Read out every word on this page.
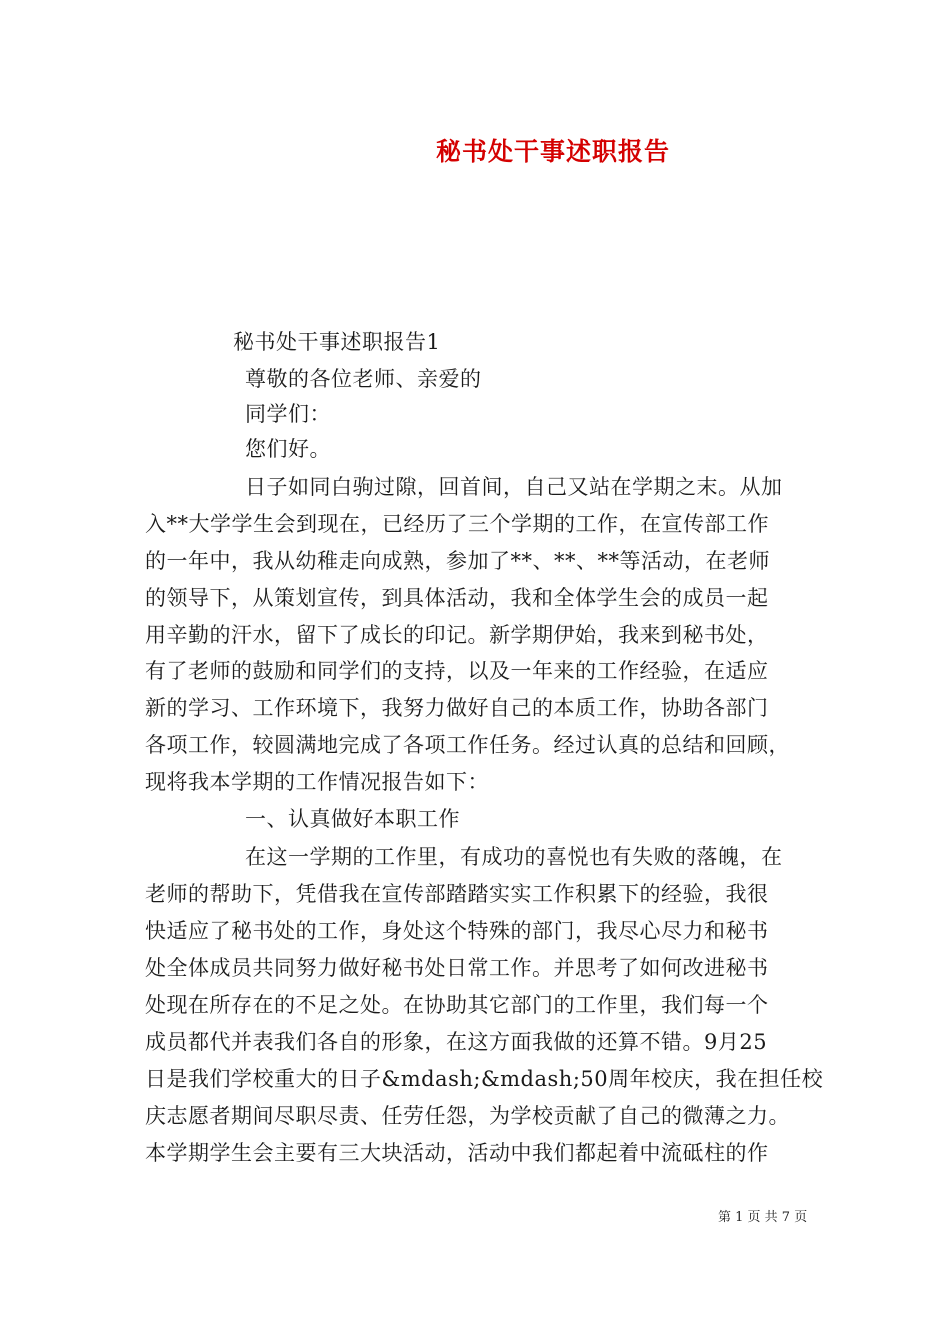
秘书处干事述职报告
秘书处干事述职报告1
尊敬的各位老师、亲爱的
同学们：
您们好。
日子如同白驹过隙，回首间，自己又站在学期之末。从加
入**大学学生会到现在，已经历了三个学期的工作，在宣传部工作
的一年中，我从幼稚走向成熟，参加了**、**、**等活动，在老师
的领导下，从策划宣传，到具体活动，我和全体学生会的成员一起
用辛勤的汗水，留下了成长的印记。新学期伊始，我来到秘书处，
有了老师的鼓励和同学们的支持，以及一年来的工作经验，在适应
新的学习、工作环境下，我努力做好自己的本质工作，协助各部门
各项工作，较圆满地完成了各项工作任务。经过认真的总结和回顾，
现将我本学期的工作情况报告如下：
一、认真做好本职工作
在这一学期的工作里，有成功的喜悦也有失败的落魄，在
老师的帮助下，凭借我在宣传部踏踏实实工作积累下的经验，我很
快适应了秘书处的工作，身处这个特殊的部门，我尽心尽力和秘书
处全体成员共同努力做好秘书处日常工作。并思考了如何改进秘书
处现在所存在的不足之处。在协助其它部门的工作里，我们每一个
成员都代并表我们各自的形象，在这方面我做的还算不错。9月25
日是我们学校重大的日子&mdash;&mdash;50周年校庆，我在担任校
庆志愿者期间尽职尽责、任劳任怨，为学校贡献了自己的微薄之力。
本学期学生会主要有三大块活动，活动中我们都起着中流砥柱的作
第 1 页 共 7 页
